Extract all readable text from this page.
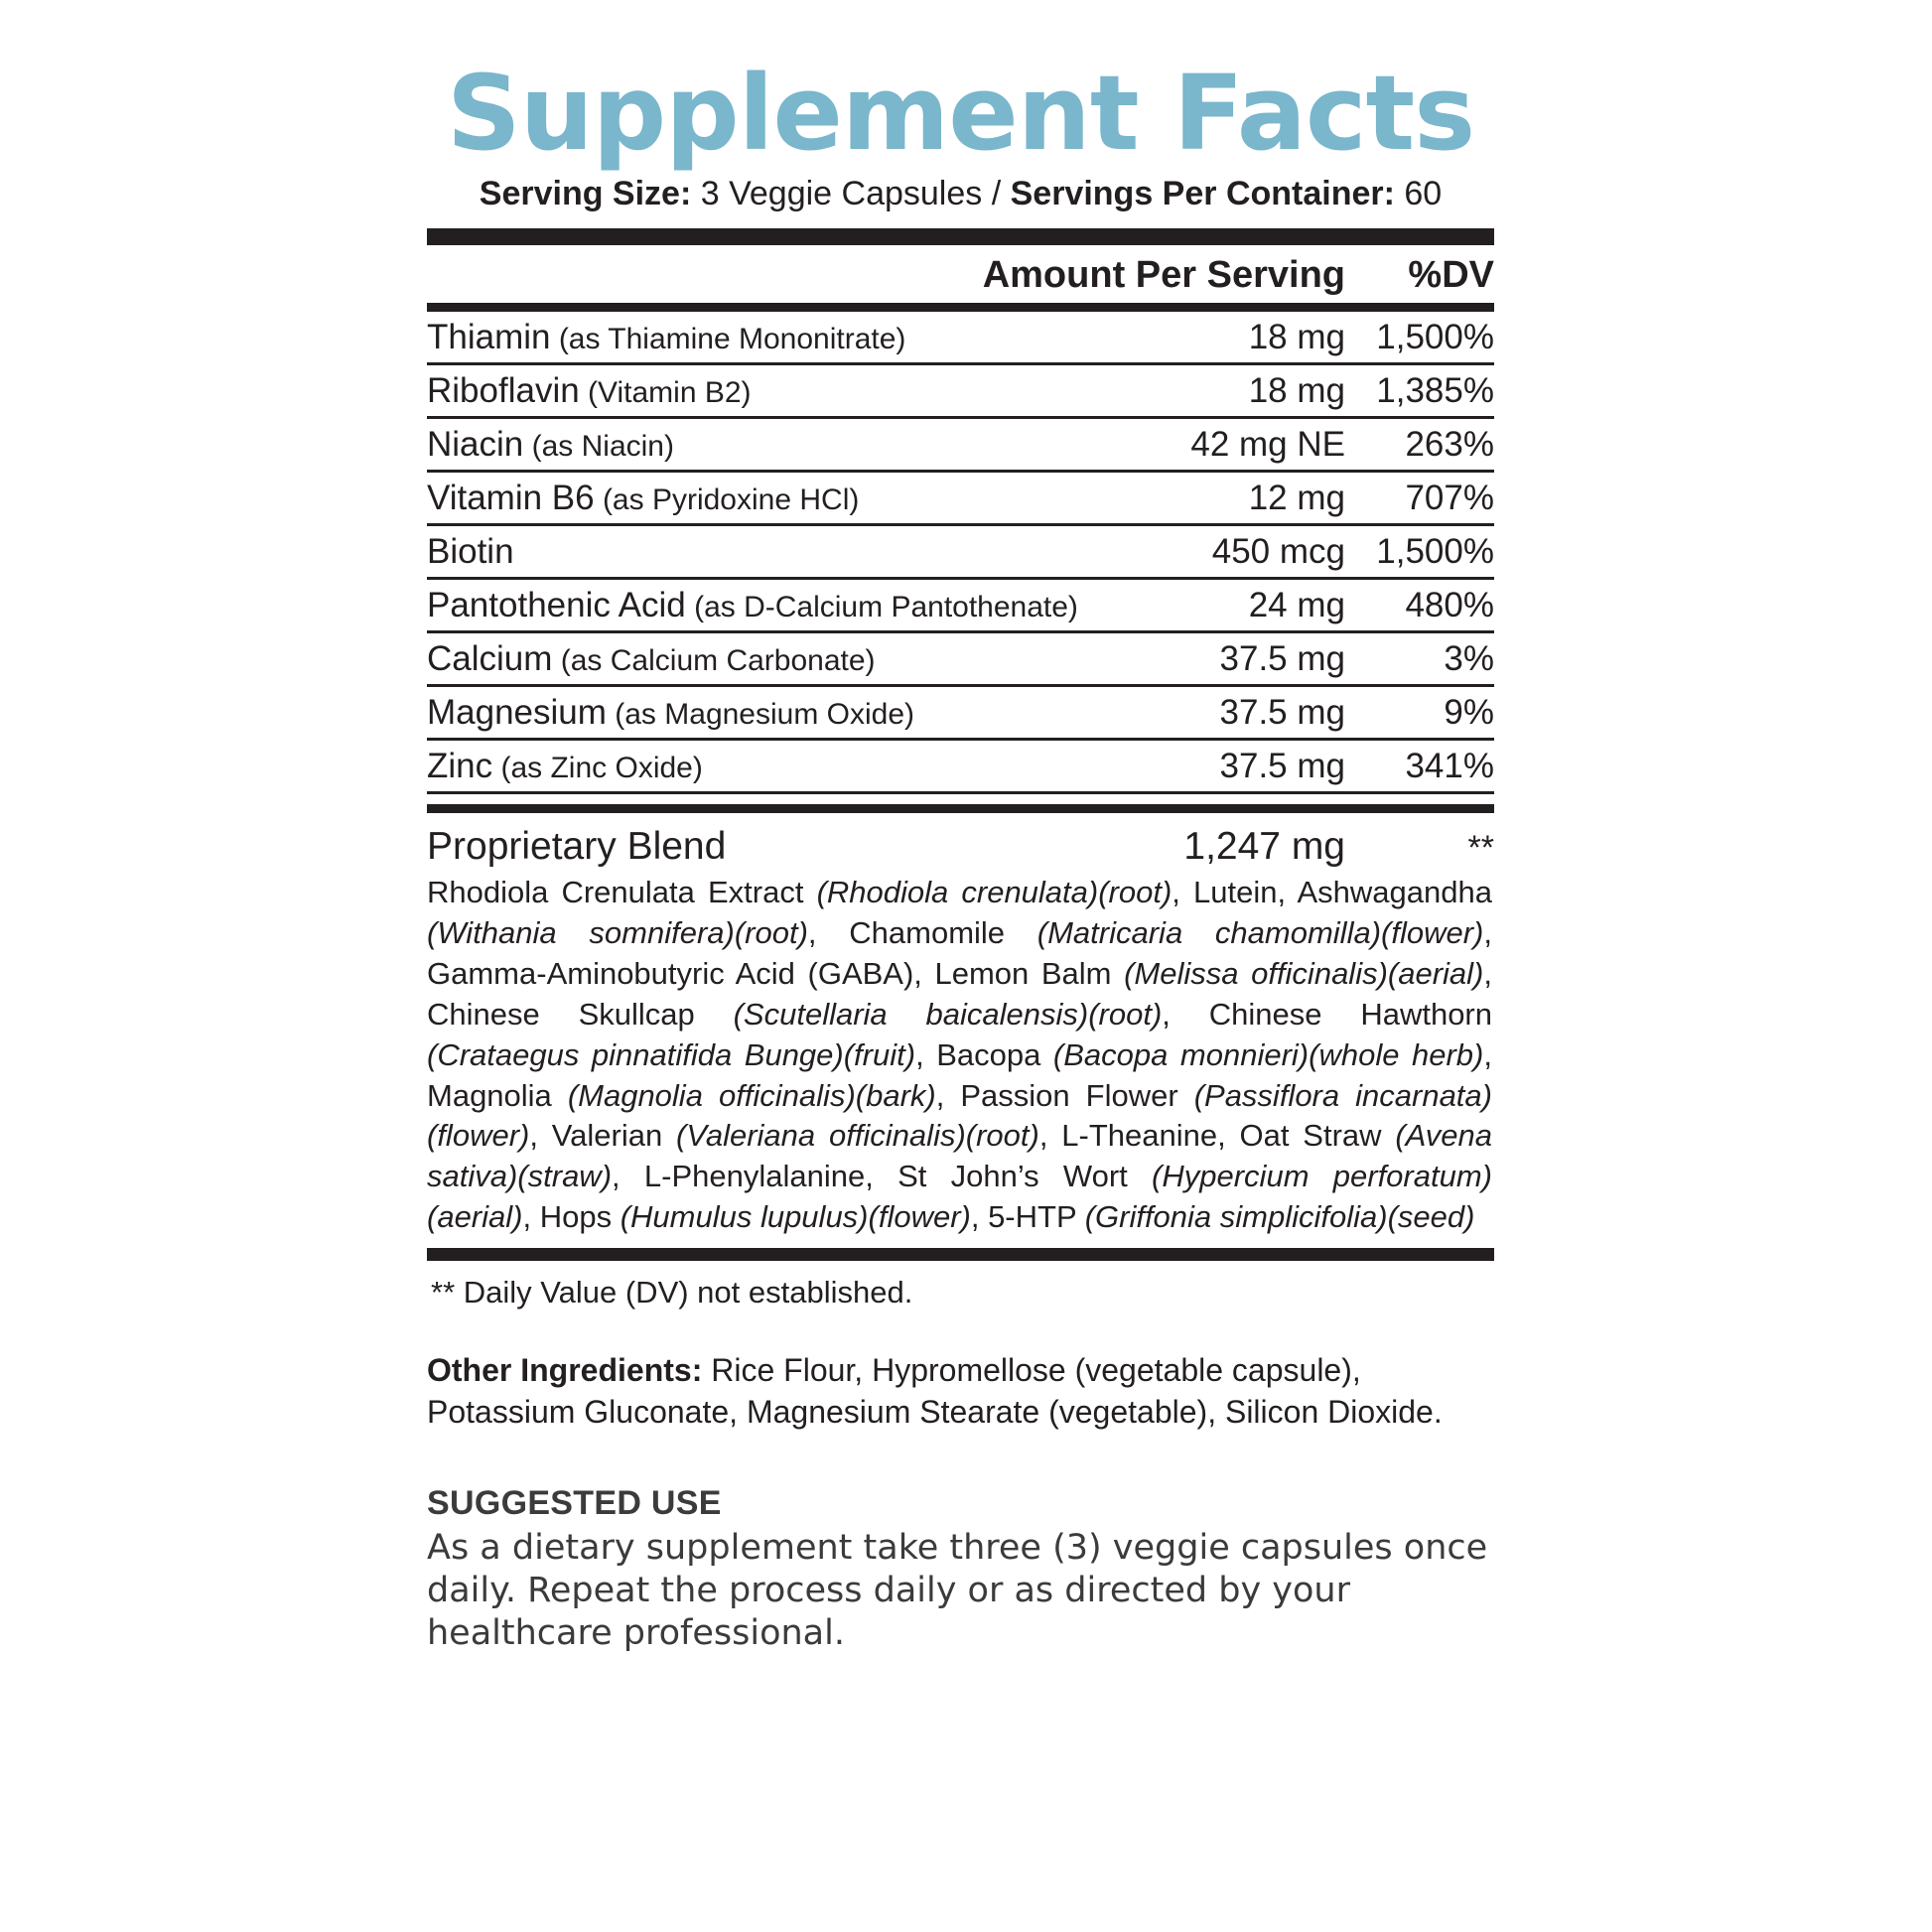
Supplement Facts
Serving Size: 3 Veggie Capsules / Servings Per Container: 60
Amount Per Serving	%DV
Thiamin (as Thiamine Mononitrate)	18 mg	1,500%
Riboflavin (Vitamin B2)	18 mg	1,385%
Niacin (as Niacin)	42 mg NE	263%
Vitamin B6 (as Pyridoxine HCl)	12 mg	707%
Biotin	450 mcg	1,500%
Pantothenic Acid (as D-Calcium Pantothenate)	24 mg	480%
Calcium (as Calcium Carbonate)	37.5 mg	3%
Magnesium (as Magnesium Oxide)	37.5 mg	9%
Zinc (as Zinc Oxide)	37.5 mg	341%
Proprietary Blend	1,247 mg	**
Rhodiola Crenulata Extract (Rhodiola crenulata)(root), Lutein, Ashwagandha (Withania somnifera)(root), Chamomile (Matricaria chamomilla)(flower), Gamma-Aminobutyric Acid (GABA), Lemon Balm (Melissa officinalis)(aerial), Chinese Skullcap (Scutellaria baicalensis)(root), Chinese Hawthorn (Crataegus pinnatifida Bunge)(fruit), Bacopa (Bacopa monnieri)(whole herb), Magnolia (Magnolia officinalis)(bark), Passion Flower (Passiflora incarnata)(flower), Valerian (Valeriana officinalis)(root), L-Theanine, Oat Straw (Avena sativa)(straw), L-Phenylalanine, St John’s Wort (Hypercium perforatum)(aerial), Hops (Humulus lupulus)(flower), 5-HTP (Griffonia simplicifolia)(seed)
** Daily Value (DV) not established.
Other Ingredients: Rice Flour, Hypromellose (vegetable capsule), Potassium Gluconate, Magnesium Stearate (vegetable), Silicon Dioxide.
SUGGESTED USE
As a dietary supplement take three (3) veggie capsules once daily. Repeat the process daily or as directed by your healthcare professional.
